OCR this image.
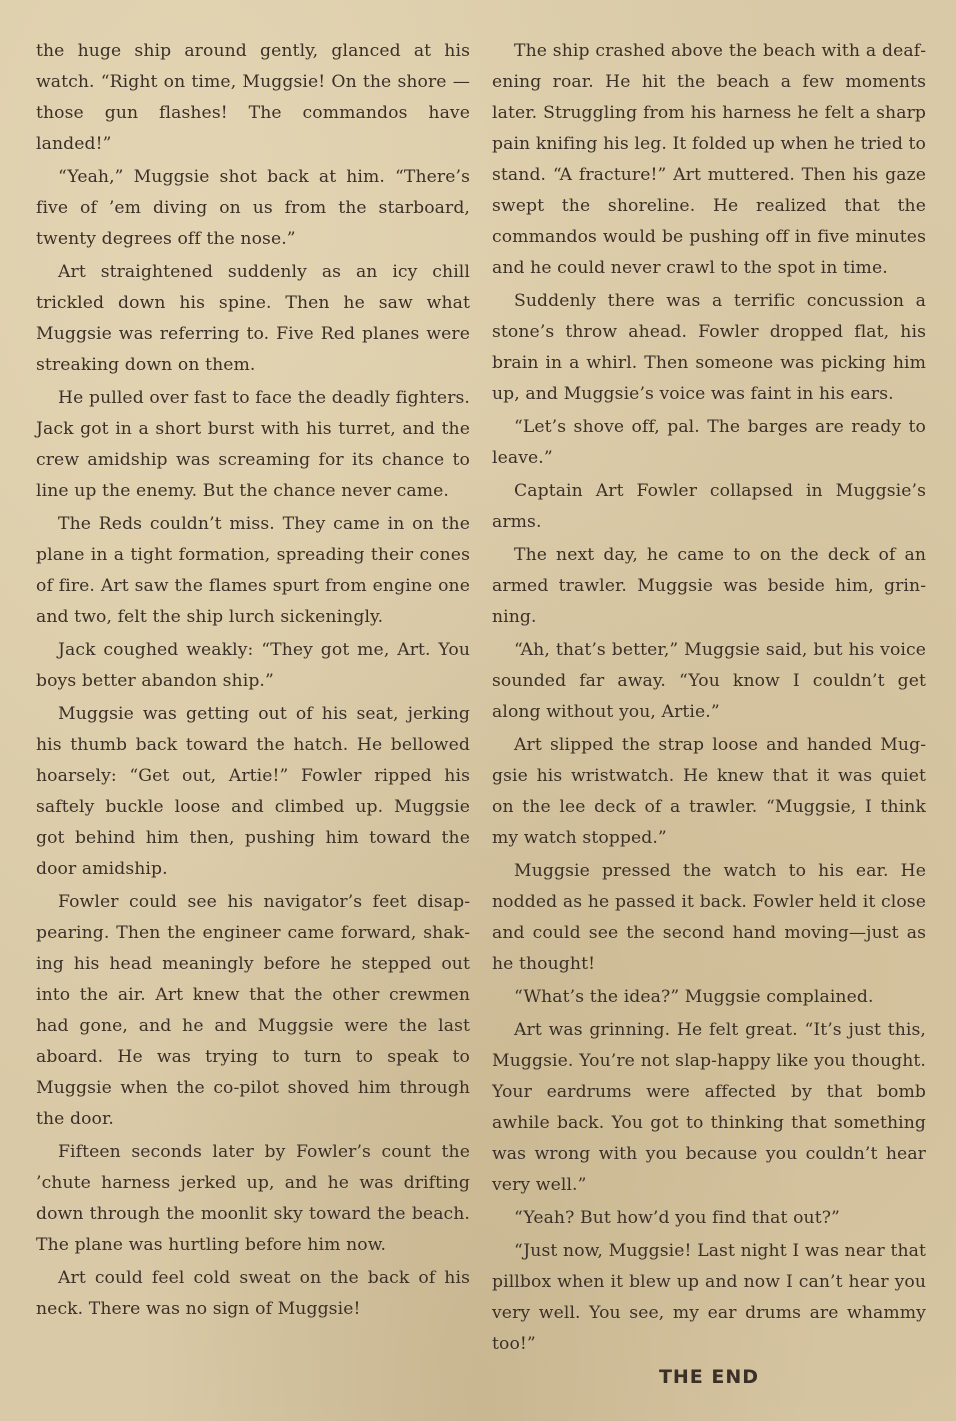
the huge ship around gently, glanced at his watch. “Right on time, Muggsie! On the shore — those gun flashes! The commandos have landed!”

“Yeah,” Muggsie shot back at him. “There’s five of ’em diving on us from the starboard, twenty degrees off the nose.”

Art straightened suddenly as an icy chill trickled down his spine. Then he saw what Muggsie was referring to. Five Red planes were streaking down on them.

He pulled over fast to face the deadly fighters. Jack got in a short burst with his turret, and the crew amidship was screaming for its chance to line up the enemy. But the chance never came.

The Reds couldn’t miss. They came in on the plane in a tight formation, spreading their cones of fire. Art saw the flames spurt from engine one and two, felt the ship lurch sickeningly.

Jack coughed weakly: “They got me, Art. You boys better abandon ship.”

Muggsie was getting out of his seat, jerking his thumb back toward the hatch. He bellowed hoarsely: “Get out, Artie!” Fowler ripped his saftely buckle loose and climbed up. Muggsie got behind him then, pushing him toward the door amidship.

Fowler could see his navigator’s feet disappearing. Then the engineer came forward, shaking his head meaningly before he stepped out into the air. Art knew that the other crewmen had gone, and he and Muggsie were the last aboard. He was trying to turn to speak to Muggsie when the co-pilot shoved him through the door.

Fifteen seconds later by Fowler’s count the ’chute harness jerked up, and he was drifting down through the moonlit sky toward the beach. The plane was hurtling before him now.

Art could feel cold sweat on the back of his neck. There was no sign of Muggsie!

The ship crashed above the beach with a deafening roar. He hit the beach a few moments later. Struggling from his harness he felt a sharp pain knifing his leg. It folded up when he tried to stand. “A fracture!” Art muttered. Then his gaze swept the shoreline. He realized that the commandos would be pushing off in five minutes and he could never crawl to the spot in time.

Suddenly there was a terrific concussion a stone’s throw ahead. Fowler dropped flat, his brain in a whirl. Then someone was picking him up, and Muggsie’s voice was faint in his ears.

“Let’s shove off, pal. The barges are ready to leave.”

Captain Art Fowler collapsed in Muggsie’s arms.

The next day, he came to on the deck of an armed trawler. Muggsie was beside him, grinning.

“Ah, that’s better,” Muggsie said, but his voice sounded far away. “You know I couldn’t get along without you, Artie.”

Art slipped the strap loose and handed Muggsie his wristwatch. He knew that it was quiet on the lee deck of a trawler. “Muggsie, I think my watch stopped.”

Muggsie pressed the watch to his ear. He nodded as he passed it back. Fowler held it close and could see the second hand moving—just as he thought!

“What’s the idea?” Muggsie complained.

Art was grinning. He felt great. “It’s just this, Muggsie. You’re not slap-happy like you thought. Your eardrums were affected by that bomb awhile back. You got to thinking that something was wrong with you because you couldn’t hear very well.”

“Yeah? But how’d you find that out?”

“Just now, Muggsie! Last night I was near that pillbox when it blew up and now I can’t hear you very well. You see, my ear drums are whammy too!”

THE END
